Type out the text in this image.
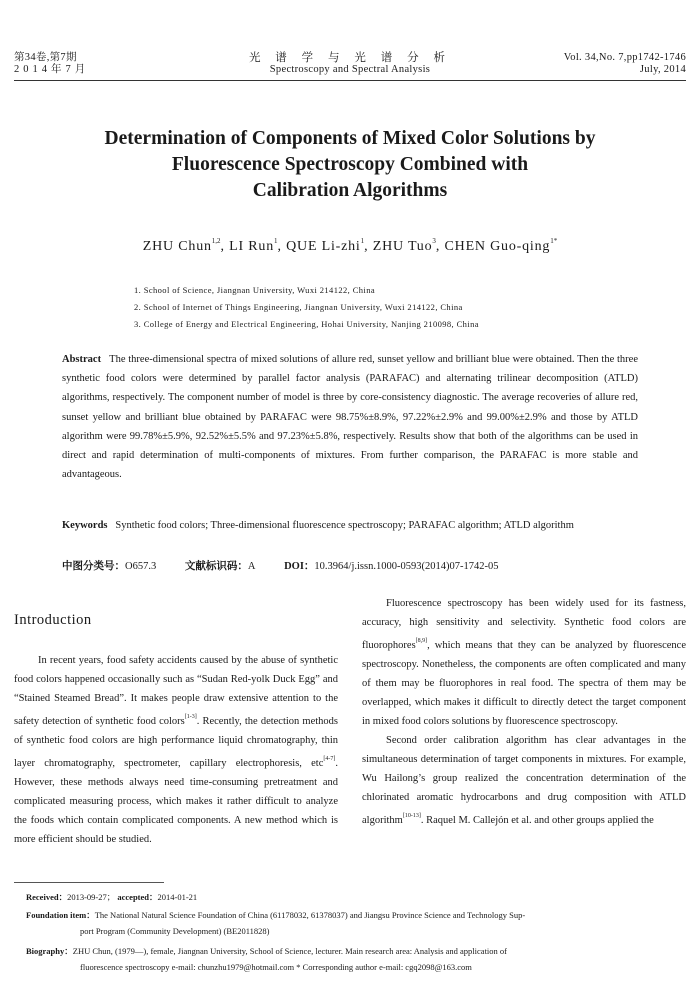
第34卷,第7期
2014年7月
光 谱 学 与 光 谱 分 析
Spectroscopy and Spectral Analysis
Vol. 34,No. 7,pp1742-1746
July, 2014
Determination of Components of Mixed Color Solutions by
Fluorescence Spectroscopy Combined with
Calibration Algorithms
ZHU Chun$^{1,2}$, LI Run$^1$, QUE Li-zhi$^1$, ZHU Tuo$^3$, CHEN Guo-qing$^{1*}$
1. School of Science, Jiangnan University, Wuxi 214122, China
2. School of Internet of Things Engineering, Jiangnan University, Wuxi 214122, China
3. College of Energy and Electrical Engineering, Hohai University, Nanjing 210098, China
Abstract The three-dimensional spectra of mixed solutions of allure red, sunset yellow and brilliant blue were obtained. Then the three synthetic food colors were determined by parallel factor analysis (PARAFAC) and alternating trilinear decomposition (ATLD) algorithms, respectively. The component number of model is three by core-consistency diagnostic. The average recoveries of allure red, sunset yellow and brilliant blue obtained by PARAFAC were 98.75%±8.9%, 97.22%±2.9% and 99.00%±2.9% and those by ATLD algorithm were 99.78%±5.9%, 92.52%±5.5% and 97.23%±5.8%, respectively. Results show that both of the algorithms can be used in direct and rapid determination of multi-components of mixtures. From further comparison, the PARAFAC is more stable and advantageous.
Keywords Synthetic food colors; Three-dimensional fluorescence spectroscopy; PARAFAC algorithm; ATLD algorithm
中图分类号：O657.3	文献标识码：A	DOI：10.3964/j.issn.1000-0593(2014)07-1742-05
Introduction

In recent years, food safety accidents caused by the abuse of synthetic food colors happened occasionally such as “Sudan Red-yolk Duck Egg” and “Stained Steamed Bread”. It makes people draw extensive attention to the safety detection of synthetic food colors[1-3]. Recently, the detection methods of synthetic food colors are high performance liquid chromatography, thin layer chromatography, spectrometer, capillary electrophoresis, etc[4-7]. However, these methods always need time-consuming pretreatment and complicated measuring process, which makes it rather difficult to analyze the foods which contain complicated components. A new method which is more efficient should be studied.

Fluorescence spectroscopy has been widely used for its fastness, accuracy, high sensitivity and selectivity. Synthetic food colors are fluorophores[8,9], which means that they can be analyzed by fluorescence spectroscopy. Nonetheless, the components are often complicated and many of them may be fluorophores in real food. The spectra of them may be overlapped, which makes it difficult to directly detect the target component in mixed food colors solutions by fluorescence spectroscopy.

Second order calibration algorithm has clear advantages in the simultaneous determination of target components in mixtures. For example, Wu Hailong’s group realized the concentration determination of the chlorinated aromatic hydrocarbons and drug composition with ATLD algorithm[10-13]. Raquel M. Callejón et al. and other groups applied the

Received：2013-09-27； accepted：2014-01-21
Foundation item：The National Natural Science Foundation of China (61178032, 61378037) and Jiangsu Province Science and Technology Sup-
port Program (Community Development) (BE2011828)
Biography：ZHU Chun, (1979—), female, Jiangnan University, School of Science, lecturer. Main research area: Analysis and application of
fluorescence spectroscopy e-mail: chunzhu1979@hotmail.com * Corresponding author e-mail: cgq2098@163.com
